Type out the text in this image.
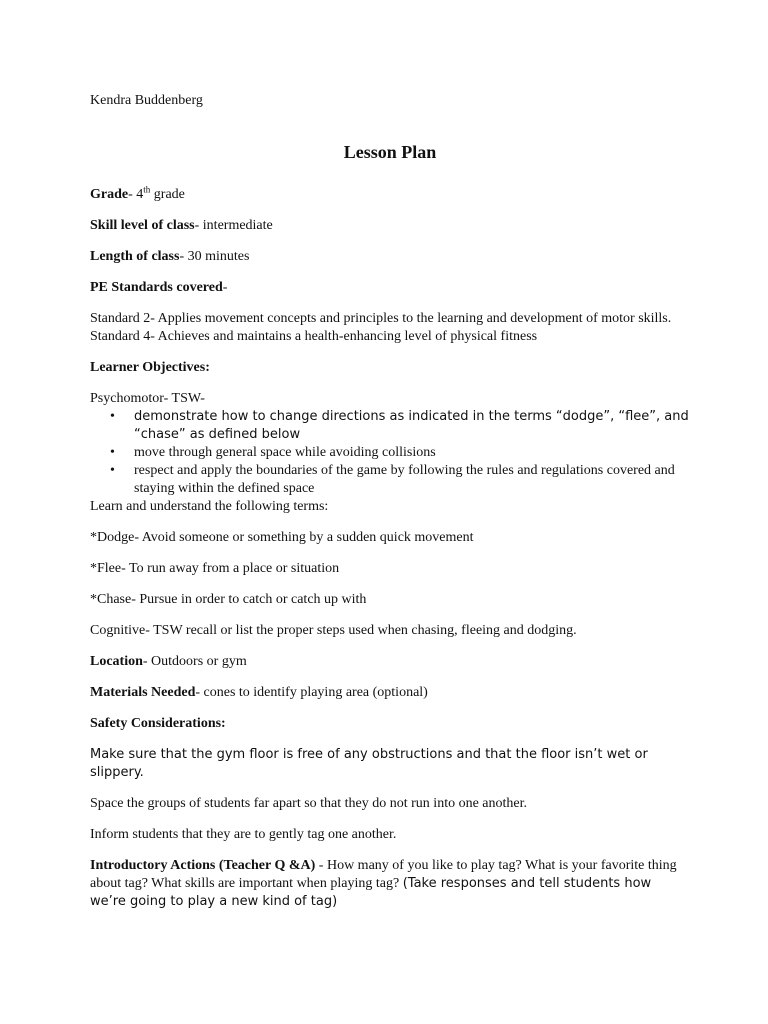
Kendra Buddenberg

Lesson Plan

Grade- 4th grade

Skill level of class- intermediate

Length of class- 30 minutes

PE Standards covered-

Standard 2- Applies movement concepts and principles to the learning and development of motor skills.

Standard 4- Achieves and maintains a health-enhancing level of physical fitness

Learner Objectives:

Psychomotor- TSW-

• demonstrate how to change directions as indicated in the terms “dodge”, “flee”, and “chase” as defined below
• move through general space while avoiding collisions
• respect and apply the boundaries of the game by following the rules and regulations covered and staying within the defined space

Learn and understand the following terms:

*Dodge- Avoid someone or something by a sudden quick movement

*Flee- To run away from a place or situation

*Chase- Pursue in order to catch or catch up with

Cognitive- TSW recall or list the proper steps used when chasing, fleeing and dodging.

Location- Outdoors or gym

Materials Needed- cones to identify playing area (optional)

Safety Considerations:

Make sure that the gym floor is free of any obstructions and that the floor isn’t wet or slippery.

Space the groups of students far apart so that they do not run into one another.

Inform students that they are to gently tag one another.

Introductory Actions (Teacher Q &A) - How many of you like to play tag? What is your favorite thing about tag? What skills are important when playing tag? (Take responses and tell students how we’re going to play a new kind of tag)
